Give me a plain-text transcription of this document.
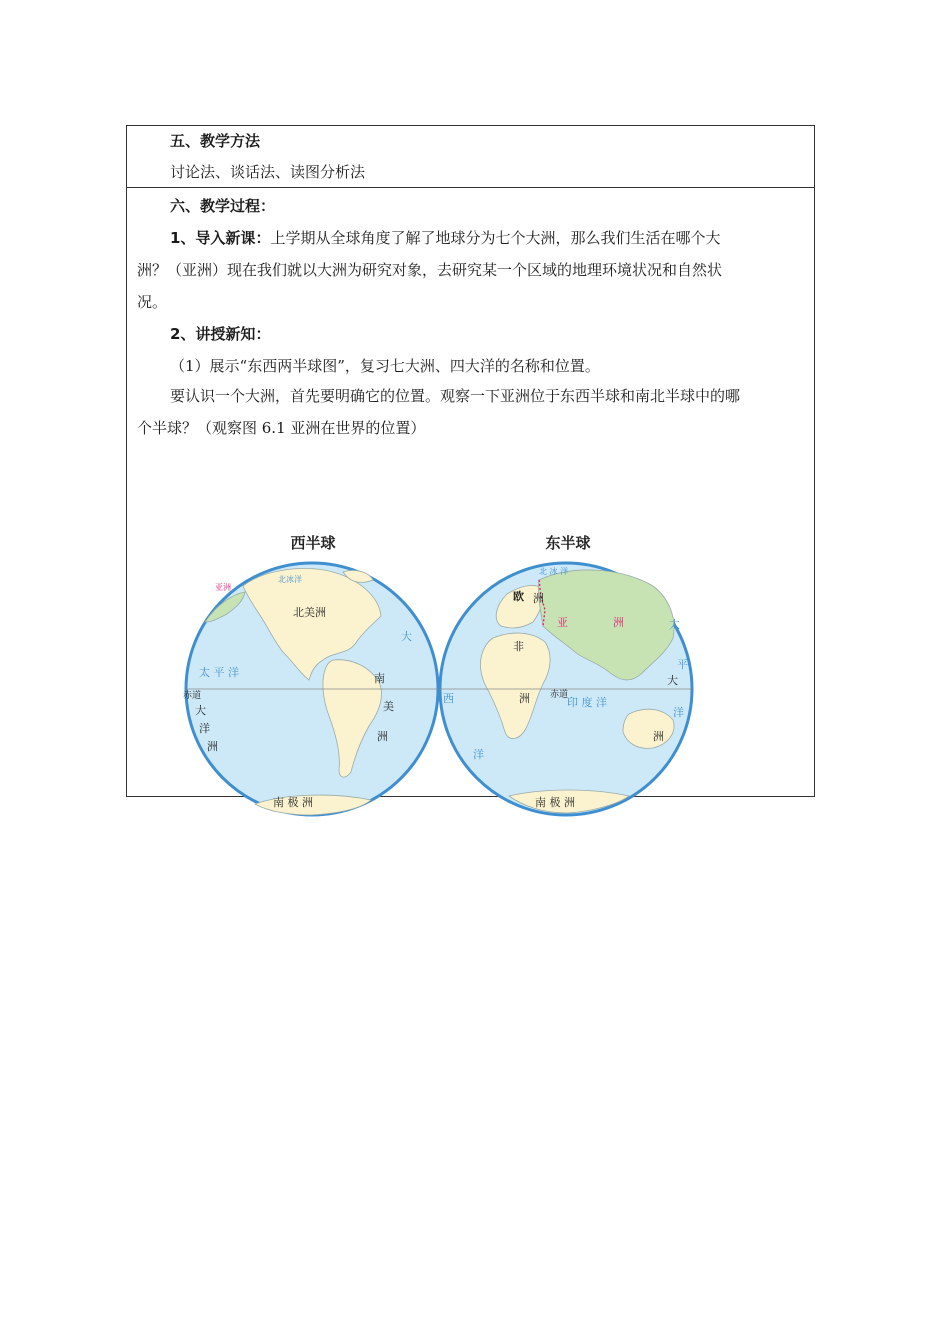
五、教学方法
讨论法、谈话法、读图分析法
六、教学过程：
1、导入新课：上学期从全球角度了解了地球分为七个大洲，那么我们生活在哪个大
洲？（亚洲）现在我们就以大洲为研究对象，去研究某一个区域的地理环境状况和自然状
况。
2、讲授新知：
（1）展示“东西两半球图”，复习七大洲、四大洋的名称和位置。
要认识一个大洲，首先要明确它的位置。观察一下亚洲位于东西半球和南北半球中的哪
个半球？（观察图 6.1 亚洲在世界的位置）
西半球	东半球
亚洲
北冰洋
北美洲
大
太 平 洋
赤道
南
美
洲
大
洋
洲
南 极 洲
北 冰 洋
欧 洲
亚	洲
非
洲
西
洋
赤道
印 度 洋
太
平
洋
大
洲
南 极 洲
